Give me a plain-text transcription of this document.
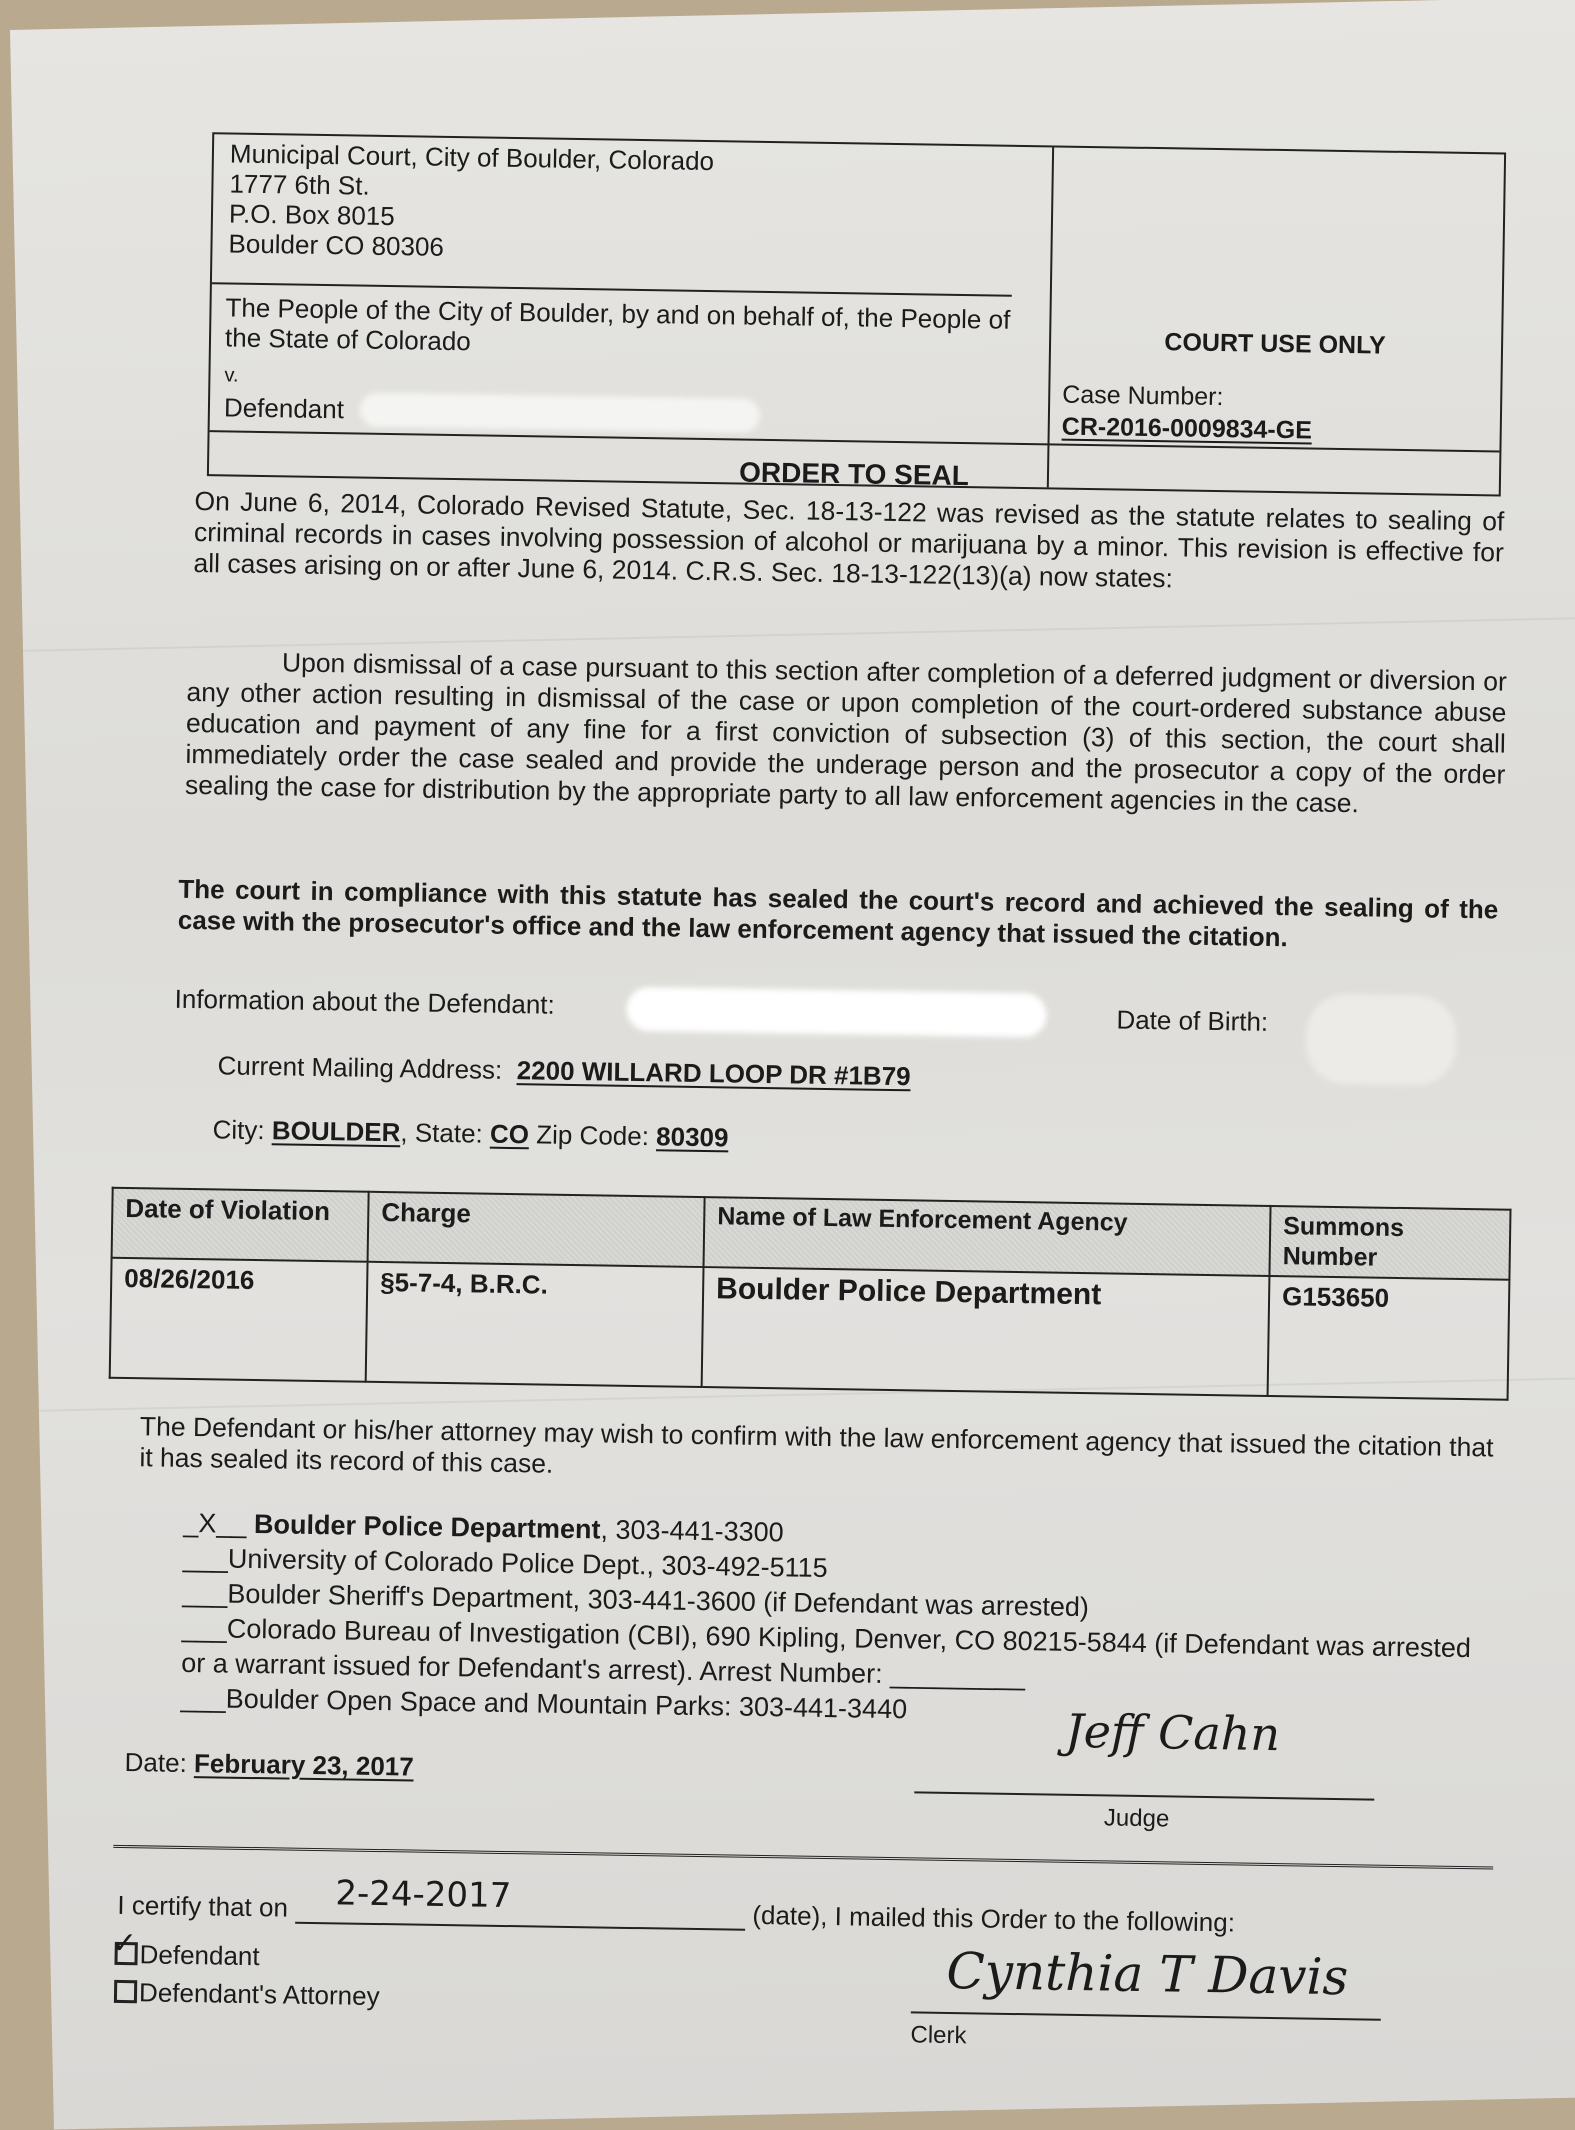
Municipal Court, City of Boulder, Colorado
1777 6th St.
P.O. Box 8015
Boulder CO 80306
The People of the City of Boulder, by and on behalf of, the People of the State of Colorado
v.
Defendant
COURT USE ONLY
Case Number:
CR-2016-0009834-GE
ORDER TO SEAL
On June 6, 2014, Colorado Revised Statute, Sec. 18-13-122 was revised as the statute relates to sealing of criminal records in cases involving possession of alcohol or marijuana by a minor. This revision is effective for all cases arising on or after June 6, 2014. C.R.S. Sec. 18-13-122(13)(a) now states:
Upon dismissal of a case pursuant to this section after completion of a deferred judgment or diversion or any other action resulting in dismissal of the case or upon completion of the court-ordered substance abuse education and payment of any fine for a first conviction of subsection (3) of this section, the court shall immediately order the case sealed and provide the underage person and the prosecutor a copy of the order sealing the case for distribution by the appropriate party to all law enforcement agencies in the case.
The court in compliance with this statute has sealed the court's record and achieved the sealing of the case with the prosecutor's office and the law enforcement agency that issued the citation.
Information about the Defendant:
Date of Birth:
Current Mailing Address: 2200 WILLARD LOOP DR #1B79
City: BOULDER, State: CO Zip Code: 80309
Date of Violation	Charge	Name of Law Enforcement Agency	Summons Number
08/26/2016	§5-7-4, B.R.C.	Boulder Police Department	G153650
The Defendant or his/her attorney may wish to confirm with the law enforcement agency that issued the citation that it has sealed its record of this case.
_X__ Boulder Police Department, 303-441-3300
___University of Colorado Police Dept., 303-492-5115
___Boulder Sheriff's Department, 303-441-3600 (if Defendant was arrested)
___Colorado Bureau of Investigation (CBI), 690 Kipling, Denver, CO 80215-5844 (if Defendant was arrested or a warrant issued for Defendant's arrest). Arrest Number: _________
___Boulder Open Space and Mountain Parks: 303-441-3440
Date: February 23, 2017
Jeff Cahn
Judge
I certify that on 2-24-2017
(date), I mailed this Order to the following:
✓ Defendant
Defendant's Attorney	Cynthia T Davis
Clerk
